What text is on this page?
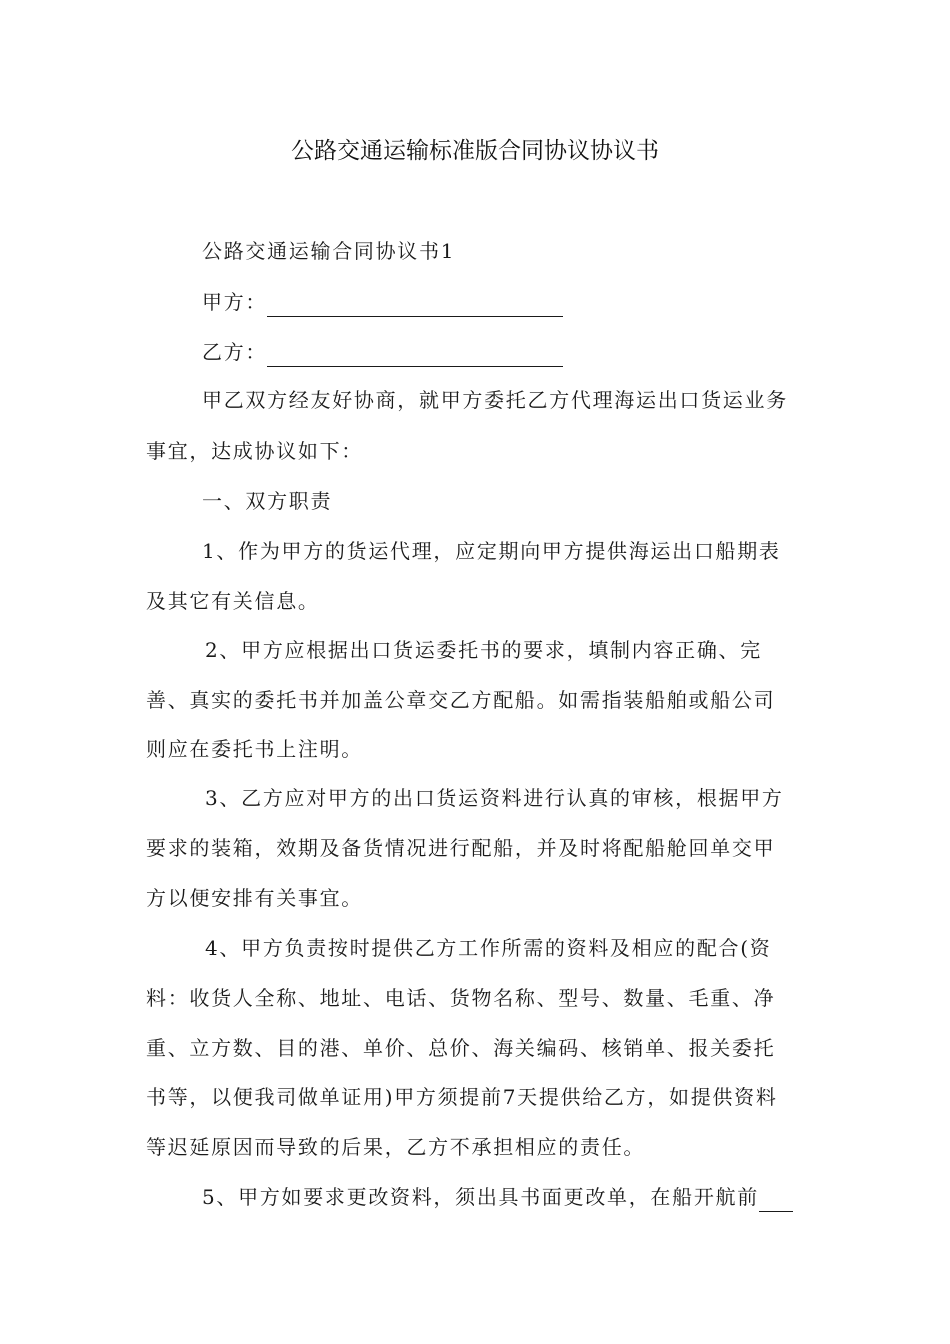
公路交通运输标准版合同协议协议书
公路交通运输合同协议书1
甲方：
乙方：
甲乙双方经友好协商，就甲方委托乙方代理海运出口货运业务
事宜，达成协议如下：
一、双方职责
1、作为甲方的货运代理，应定期向甲方提供海运出口船期表
及其它有关信息。
2、甲方应根据出口货运委托书的要求，填制内容正确、完
善、真实的委托书并加盖公章交乙方配船。如需指装船舶或船公司
则应在委托书上注明。
3、乙方应对甲方的出口货运资料进行认真的审核，根据甲方
要求的装箱，效期及备货情况进行配船，并及时将配船舱回单交甲
方以便安排有关事宜。
4、甲方负责按时提供乙方工作所需的资料及相应的配合(资
料：收货人全称、地址、电话、货物名称、型号、数量、毛重、净
重、立方数、目的港、单价、总价、海关编码、核销单、报关委托
书等，以便我司做单证用)甲方须提前7天提供给乙方，如提供资料
等迟延原因而导致的后果，乙方不承担相应的责任。
5、甲方如要求更改资料，须出具书面更改单，在船开航前
